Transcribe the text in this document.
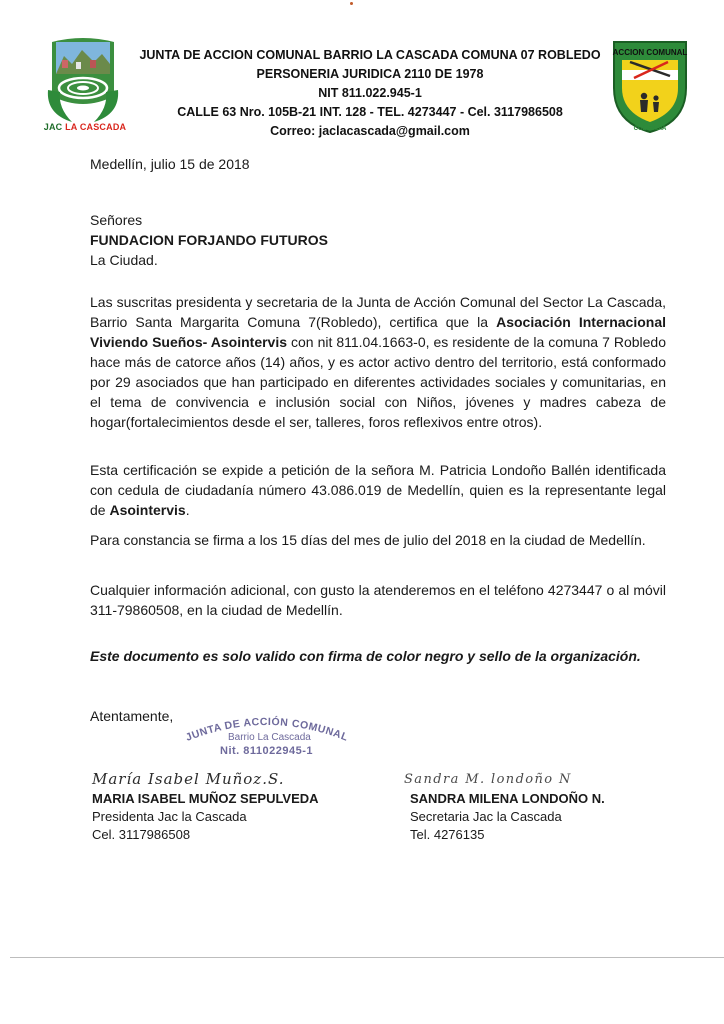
JAC LA CASCADA
JUNTA DE ACCION COMUNAL BARRIO LA CASCADA COMUNA 07 ROBLEDO
PERSONERIA JURIDICA 2110 DE 1978
NIT 811.022.945-1
CALLE 63 Nro. 105B-21 INT. 128 - TEL. 4273447 - Cel. 3117986508
Correo: jaclacascada@gmail.com
ACCION COMUNAL
COLOMBIA
Medellín, julio 15 de 2018
Señores
FUNDACION FORJANDO FUTUROS
La Ciudad.
Las suscritas presidenta y secretaria de la Junta de Acción Comunal del Sector La Cascada, Barrio Santa Margarita Comuna 7(Robledo), certifica que la Asociación Internacional Viviendo Sueños- Asointervis con nit 811.04.1663-0, es residente de la comuna 7 Robledo hace más de catorce años (14) años, y es actor activo dentro del territorio, está conformado por 29 asociados que han participado en diferentes actividades sociales y comunitarias, en el tema de convivencia e inclusión social con Niños, jóvenes y madres cabeza de hogar(fortalecimientos desde el ser, talleres, foros reflexivos entre otros).
Esta certificación se expide a petición de la señora M. Patricia Londoño Ballén identificada con cedula de ciudadanía número 43.086.019 de Medellín, quien es la representante legal de Asointervis.
Para constancia se firma a los 15 días del mes de julio del 2018 en la ciudad de Medellín.
Cualquier información adicional, con gusto la atenderemos en el teléfono 4273447 o al móvil 311-79860508, en la ciudad de Medellín.
Este documento es solo valido con firma de color negro y sello de la organización.
Atentamente,
JUNTA DE ACCIÓN COMUNAL
Barrio La Cascada
Nit. 811022945-1
María Isabel Muñoz.S.
MARIA ISABEL MUÑOZ SEPULVEDA
Presidenta Jac la Cascada
Cel. 3117986508
Sandra M. londoño N
SANDRA MILENA LONDOÑO N.
Secretaria Jac la Cascada
Tel. 4276135
